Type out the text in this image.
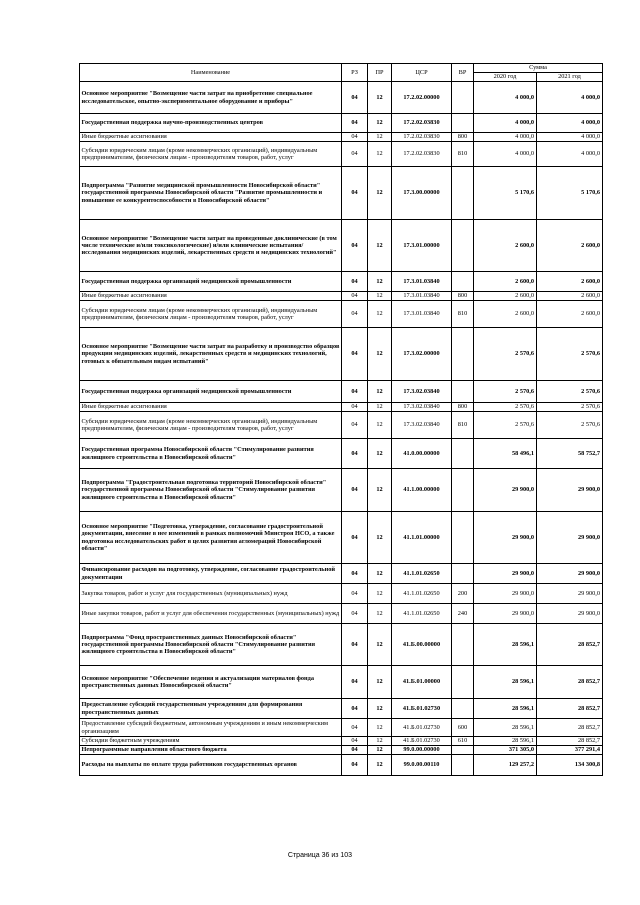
Наименование	РЗ	ПР	ЦСР	ВР	Сумма	
					2020 год	2021 год
Основное мероприятие "Возмещение части затрат на приобретение специальное исследовательское, опытно-экспериментальное оборудование и приборы"	04	12	17.2.02.00000		4 000,0	4 000,0
Государственная поддержка научно-производственных центров	04	12	17.2.02.03830		4 000,0	4 000,0
Иные бюджетные ассигнования	04	12	17.2.02.03830	800	4 000,0	4 000,0
Субсидии юридическим лицам (кроме некоммерческих организаций), индивидуальным предпринимателям, физическим лицам - производителям товаров, работ, услуг	04	12	17.2.02.03830	810	4 000,0	4 000,0
Подпрограмма "Развитие медицинской промышленности Новосибирской области" государственной программы Новосибирской области "Развитие промышленности и повышение ее конкурентоспособности в Новосибирской области"	04	12	17.3.00.00000		5 170,6	5 170,6
Основное мероприятие "Возмещение части затрат на проведенные доклинические (в том числе технические и/или токсикологические) и/или клинические испытания/исследования медицинских изделий, лекарственных средств и медицинских технологий"	04	12	17.3.01.00000		2 600,0	2 600,0
Государственная поддержка организаций медицинской промышленности	04	12	17.3.01.03840		2 600,0	2 600,0
Иные бюджетные ассигнования	04	12	17.3.01.03840	800	2 600,0	2 600,0
Субсидии юридическим лицам (кроме некоммерческих организаций), индивидуальным предпринимателям, физическим лицам - производителям товаров, работ, услуг	04	12	17.3.01.03840	810	2 600,0	2 600,0
Основное мероприятие "Возмещение части затрат на разработку и производство образцов продукции медицинских изделий, лекарственных средств и медицинских технологий, готовых к обязательным видам испытаний"	04	12	17.3.02.00000		2 570,6	2 570,6
Государственная поддержка организаций медицинской промышленности	04	12	17.3.02.03840		2 570,6	2 570,6
Иные бюджетные ассигнования	04	12	17.3.02.03840	800	2 570,6	2 570,6
Субсидии юридическим лицам (кроме некоммерческих организаций), индивидуальным предпринимателям, физическим лицам - производителям товаров, работ, услуг	04	12	17.3.02.03840	810	2 570,6	2 570,6
Государственная программа Новосибирской области "Стимулирование развития жилищного строительства в Новосибирской области"	04	12	41.0.00.00000		58 496,1	58 752,7
Подпрограмма "Градостроительная подготовка территорий Новосибирской области" государственной программы Новосибирской области "Стимулирование развития жилищного строительства в Новосибирской области"	04	12	41.1.00.00000		29 900,0	29 900,0
Основное мероприятие "Подготовка, утверждение, согласование градостроительной документации, внесение в нее изменений в рамках полномочий Минстроя НСО, а также подготовка исследовательских работ в целях развития агломераций Новосибирской области"	04	12	41.1.01.00000		29 900,0	29 900,0
Финансирование расходов на подготовку, утверждение, согласование градостроительной документации	04	12	41.1.01.02650		29 900,0	29 900,0
Закупка товаров, работ и услуг для государственных (муниципальных) нужд	04	12	41.1.01.02650	200	29 900,0	29 900,0
Иные закупки товаров, работ и услуг для обеспечения государственных (муниципальных) нужд	04	12	41.1.01.02650	240	29 900,0	29 900,0
Подпрограмма "Фонд пространственных данных Новосибирской области" государственной программы Новосибирской области "Стимулирование развития жилищного строительства в Новосибирской области"	04	12	41.Б.00.00000		28 596,1	28 852,7
Основное мероприятие "Обеспечение ведения и актуализации материалов фонда пространственных данных Новосибирской области"	04	12	41.Б.01.00000		28 596,1	28 852,7
Предоставление субсидий государственным учреждениям для формирования пространственных данных	04	12	41.Б.01.02730		28 596,1	28 852,7
Предоставление субсидий бюджетным, автономным учреждениям и иным некоммерческим организациям	04	12	41.Б.01.02730	600	28 596,1	28 852,7
Субсидии бюджетным учреждениям	04	12	41.Б.01.02730	610	28 596,1	28 852,7
Непрограммные направления областного бюджета	04	12	99.0.00.00000		371 305,0	377 291,4
Расходы на выплаты по оплате труда работников государственных органов	04	12	99.0.00.00110		129 257,2	134 300,8
Страница 36 из 103
